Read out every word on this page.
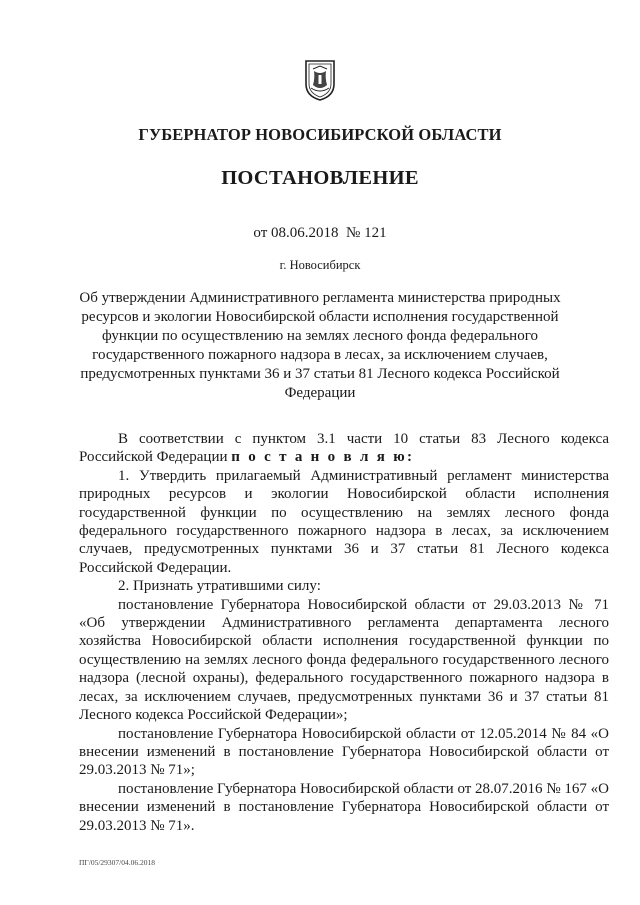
ГУБЕРНАТОР НОВОСИБИРСКОЙ ОБЛАСТИ
ПОСТАНОВЛЕНИЕ
от 08.06.2018  № 121
г. Новосибирск
Об утверждении Административного регламента министерства природных ресурсов и экологии Новосибирской области исполнения государственной функции по осуществлению на землях лесного фонда федерального государственного пожарного надзора в лесах, за исключением случаев, предусмотренных пунктами 36 и 37 статьи 81 Лесного кодекса Российской Федерации

В соответствии с пунктом 3.1 части 10 статьи 83 Лесного кодекса Российской Федерации п о с т а н о в л я ю:

1. Утвердить прилагаемый Административный регламент министерства природных ресурсов и экологии Новосибирской области исполнения государственной функции по осуществлению на землях лесного фонда федерального государственного пожарного надзора в лесах, за исключением случаев, предусмотренных пунктами 36 и 37 статьи 81 Лесного кодекса Российской Федерации.

2. Признать утратившими силу:

постановление Губернатора Новосибирской области от 29.03.2013 № 71 «Об утверждении Административного регламента департамента лесного хозяйства Новосибирской области исполнения государственной функции по осуществлению на землях лесного фонда федерального государственного лесного надзора (лесной охраны), федерального государственного пожарного надзора в лесах, за исключением случаев, предусмотренных пунктами 36 и 37 статьи 81 Лесного кодекса Российской Федерации»;

постановление Губернатора Новосибирской области от 12.05.2014 № 84 «О внесении изменений в постановление Губернатора Новосибирской области от 29.03.2013 № 71»;

постановление Губернатора Новосибирской области от 28.07.2016 № 167 «О внесении изменений в постановление Губернатора Новосибирской области от 29.03.2013 № 71».

ПГ/05/29307/04.06.2018
